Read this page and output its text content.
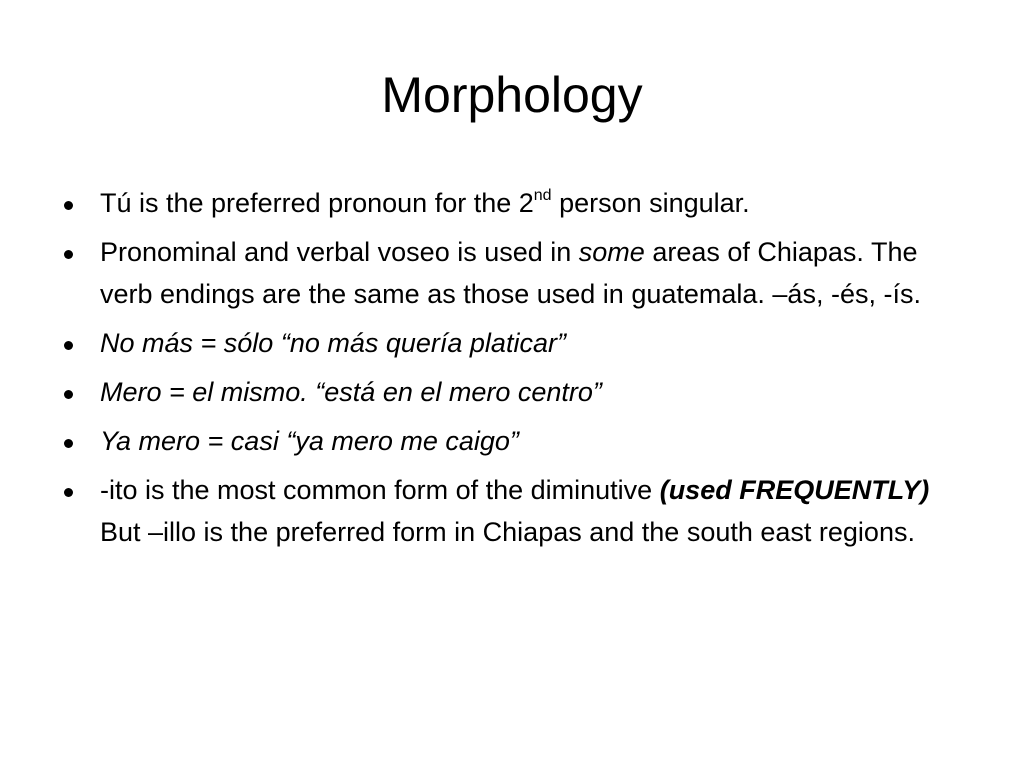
Morphology
Tú is the preferred pronoun for the 2nd person singular.
Pronominal and verbal voseo is used in some areas of Chiapas. The verb endings are the same as those used in guatemala. –ás, -és, -ís.
No más = sólo “no más quería platicar”
Mero = el mismo. “está en el mero centro”
Ya mero = casi “ya mero me caigo”
-ito is the most common form of the diminutive (used FREQUENTLY) But –illo is the preferred form in Chiapas and the south east regions.
